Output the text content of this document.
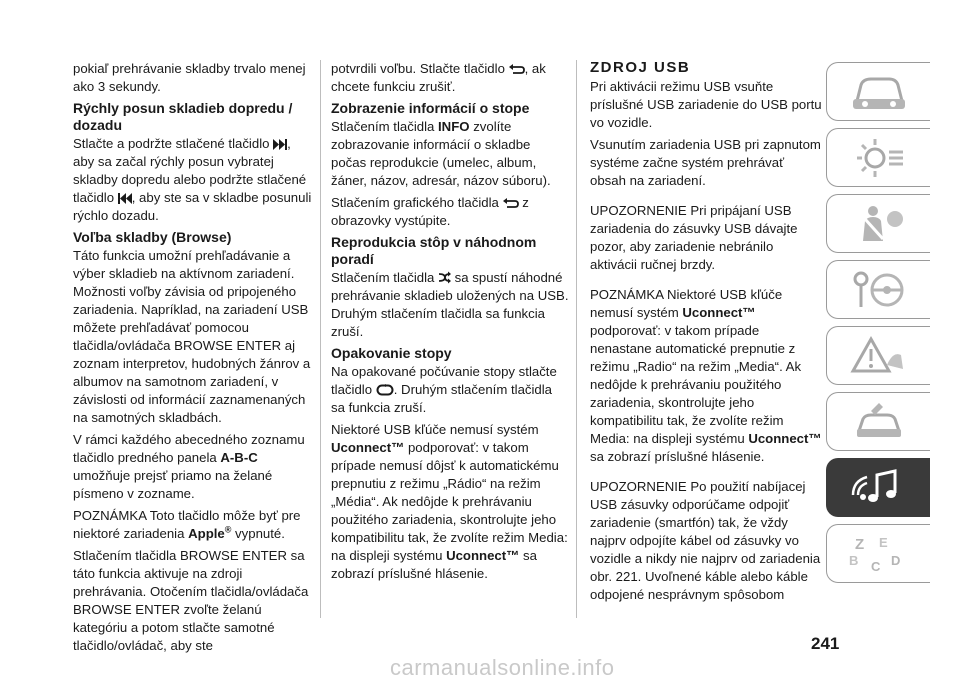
pokiaľ prehrávanie skladby trvalo menej ako 3 sekundy.

Rýchly posun skladieb dopredu / dozadu

Stlačte a podržte stlačené tlačidlo , aby sa začal rýchly posun vybratej skladby dopredu alebo podržte stlačené tlačidlo , aby ste sa v skladbe posunuli rýchlo dozadu.

Voľba skladby (Browse)

Táto funkcia umožní prehľadávanie a výber skladieb na aktívnom zariadení. Možnosti voľby závisia od pripojeného zariadenia. Napríklad, na zariadení USB môžete prehľadávať pomocou tlačidla/ovládača BROWSE ENTER aj zoznam interpretov, hudobných žánrov a albumov na samotnom zariadení, v závislosti od informácií zaznamenaných na samotných skladbách.

V rámci každého abecedného zoznamu tlačidlo predného panela A-B-C umožňuje prejsť priamo na želané písmeno v zozname.

POZNÁMKA Toto tlačidlo môže byť pre niektoré zariadenia Apple® vypnuté.

Stlačením tlačidla BROWSE ENTER sa táto funkcia aktivuje na zdroji prehrávania. Otočením tlačidla/ovládača BROWSE ENTER zvoľte želanú kategóriu a potom stlačte samotné tlačidlo/ovládač, aby ste

potvrdili voľbu. Stlačte tlačidlo , ak chcete funkciu zrušiť.

Zobrazenie informácií o stope

Stlačením tlačidla INFO zvolíte zobrazovanie informácií o skladbe počas reprodukcie (umelec, album, žáner, názov, adresár, názov súboru).

Stlačením grafického tlačidla  z obrazovky vystúpite.

Reprodukcia stôp v náhodnom poradí

Stlačením tlačidla  sa spustí náhodné prehrávanie skladieb uložených na USB. Druhým stlačením tlačidla sa funkcia zruší.

Opakovanie stopy

Na opakované počúvanie stopy stlačte tlačidlo . Druhým stlačením tlačidla sa funkcia zruší.

Niektoré USB kľúče nemusí systém Uconnect™ podporovať: v takom prípade nemusí dôjsť k automatickému prepnutiu z režimu „Rádio“ na režim „Média“. Ak nedôjde k prehrávaniu použitého zariadenia, skontrolujte jeho kompatibilitu tak, že zvolíte režim Media: na displeji systému Uconnect™ sa zobrazí príslušné hlásenie.

ZDROJ USB

Pri aktivácii režimu USB vsuňte príslušné USB zariadenie do USB portu vo vozidle.

Vsunutím zariadenia USB pri zapnutom systéme začne systém prehrávať obsah na zariadení.

UPOZORNENIE Pri pripájaní USB zariadenia do zásuvky USB dávajte pozor, aby zariadenie nebránilo aktivácii ručnej brzdy.

POZNÁMKA Niektoré USB kľúče nemusí systém Uconnect™ podporovať: v takom prípade nenastane automatické prepnutie z režimu „Radio“ na režim „Media“. Ak nedôjde k prehrávaniu použitého zariadenia, skontrolujte jeho kompatibilitu tak, že zvolíte režim Media: na displeji systému Uconnect™ sa zobrazí príslušné hlásenie.

UPOZORNENIE Po použití nabíjacej USB zásuvky odporúčame odpojiť zariadenie (smartfón) tak, že vždy najprv odpojíte kábel od zásuvky vo vozidle a nikdy nie najprv od zariadenia obr. 221. Uvoľnené káble alebo káble odpojené nesprávnym spôsobom

Z E
B C D
241
carmanualsonline.info
